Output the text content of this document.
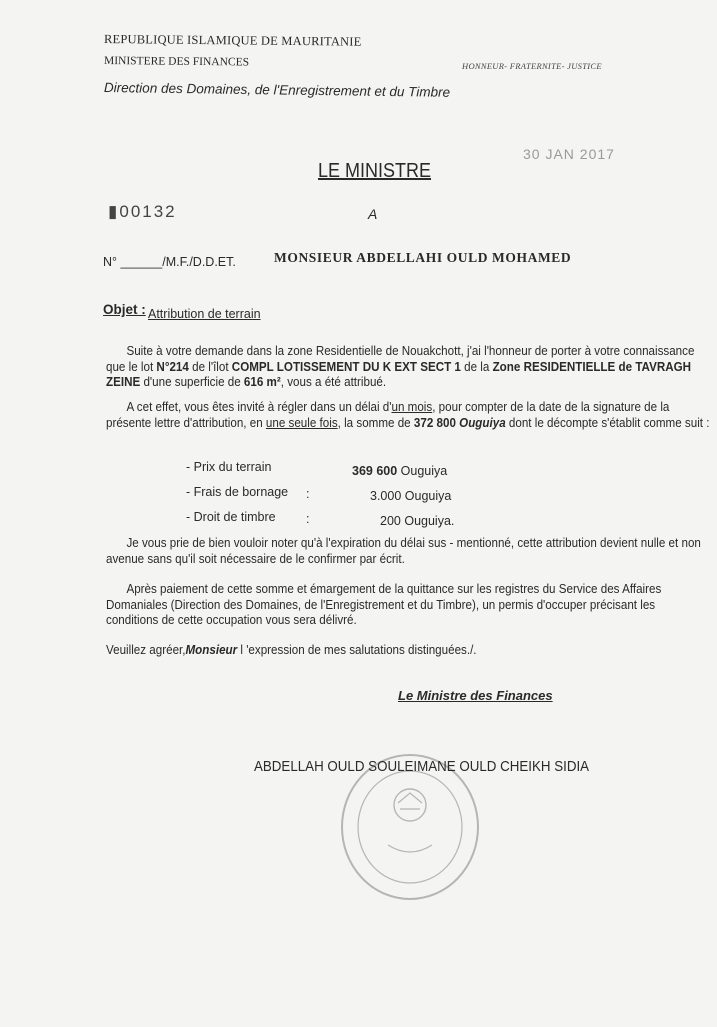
REPUBLIQUE ISLAMIQUE DE MAURITANIE
MINISTERE DES FINANCES
Direction des Domaines, de l'Enregistrement et du Timbre
HONNEUR- FRATERNITE- JUSTICE
30 JAN 2017
LE MINISTRE
▮00132	A
N° ______/M.F./D.D.ET.	MONSIEUR ABDELLAHI OULD MOHAMED
Objet : Attribution de terrain
Suite à votre demande dans la zone Residentielle de Nouakchott, j'ai l'honneur de porter à votre connaissance que le lot N°214 de l'îlot COMPL LOTISSEMENT DU K EXT SECT 1 de la Zone RESIDENTIELLE de TAVRAGH ZEINE d'une superficie de 616 m², vous a été attribué.
A cet effet, vous êtes invité à régler dans un délai d'un mois, pour compter de la date de la signature de la présente lettre d'attribution, en une seule fois, la somme de 372 800 Ouguiya dont le décompte s'établit comme suit :
- Prix du terrain	369 600 Ouguiya
- Frais de bornage :	3.000 Ouguiya
- Droit de timbre :	200 Ouguiya.
Je vous prie de bien vouloir noter qu'à l'expiration du délai sus - mentionné, cette attribution devient nulle et non avenue sans qu'il soit nécessaire de le confirmer par écrit.
Après paiement de cette somme et émargement de la quittance sur les registres du Service des Affaires Domaniales (Direction des Domaines, de l'Enregistrement et du Timbre), un permis d'occuper précisant les conditions de cette occupation vous sera délivré.
Veuillez agréer,Monsieur l 'expression de mes salutations distinguées./.
Le Ministre des Finances
ABDELLAH OULD SOULEIMANE OULD CHEIKH SIDIA
